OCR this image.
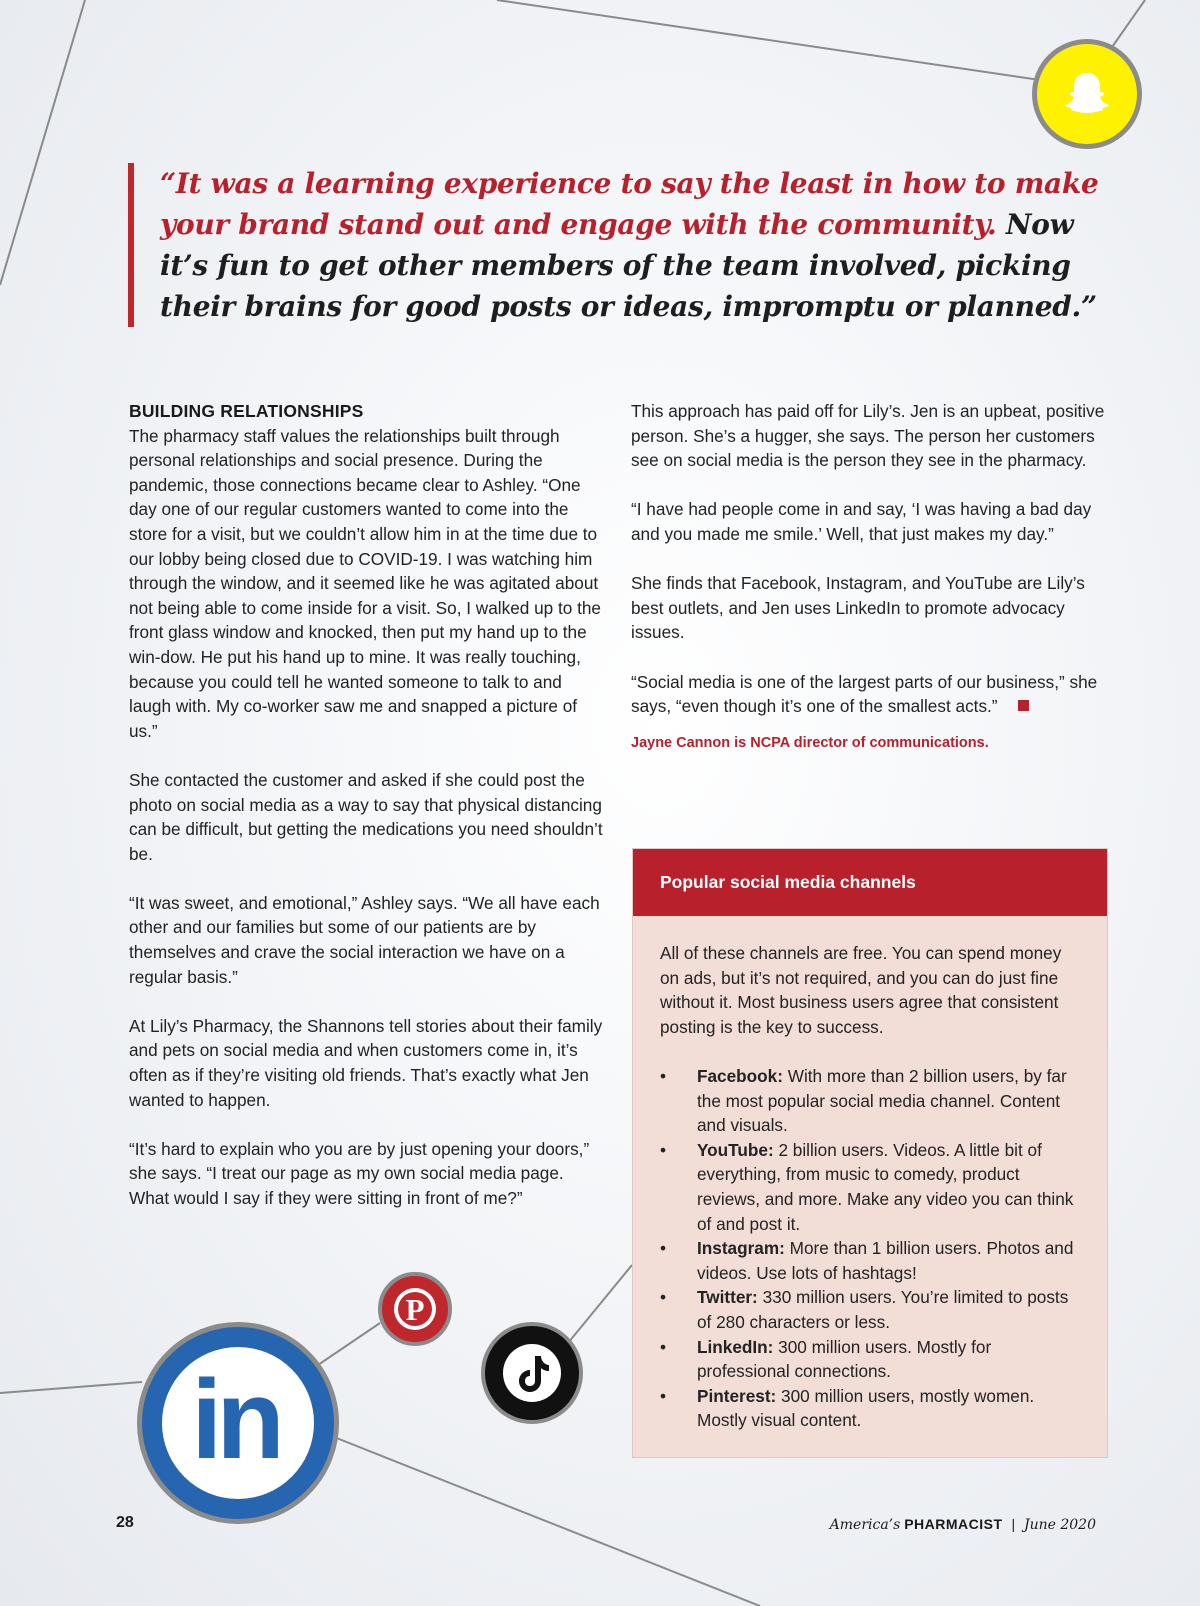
“It was a learning experience to say the least in how to make your brand stand out and engage with the community. Now it’s fun to get other members of the team involved, picking their brains for good posts or ideas, impromptu or planned.”
BUILDING RELATIONSHIPS

The pharmacy staff values the relationships built through personal relationships and social presence. During the pandemic, those connections became clear to Ashley. “One day one of our regular customers wanted to come into the store for a visit, but we couldn’t allow him in at the time due to our lobby being closed due to COVID-19. I was watching him through the window, and it seemed like he was agitated about not being able to come inside for a visit. So, I walked up to the front glass window and knocked, then put my hand up to the win-dow. He put his hand up to mine. It was really touching, because you could tell he wanted someone to talk to and laugh with. My co-worker saw me and snapped a picture of us.”

She contacted the customer and asked if she could post the photo on social media as a way to say that physical distancing can be difficult, but getting the medications you need shouldn’t be.

“It was sweet, and emotional,” Ashley says. “We all have each other and our families but some of our patients are by themselves and crave the social interaction we have on a regular basis.”

At Lily’s Pharmacy, the Shannons tell stories about their family and pets on social media and when customers come in, it’s often as if they’re visiting old friends. That’s exactly what Jen wanted to happen.

“It’s hard to explain who you are by just opening your doors,” she says. “I treat our page as my own social media page. What would I say if they were sitting in front of me?”

This approach has paid off for Lily’s. Jen is an upbeat, positive person. She’s a hugger, she says. The person her customers see on social media is the person they see in the pharmacy.

“I have had people come in and say, ‘I was having a bad day and you made me smile.’ Well, that just makes my day.”

She finds that Facebook, Instagram, and YouTube are Lily’s best outlets, and Jen uses LinkedIn to promote advocacy issues.

“Social media is one of the largest parts of our business,” she says, “even though it’s one of the smallest acts.”

Jayne Cannon is NCPA director of communications.
Popular social media channels

All of these channels are free. You can spend money on ads, but it’s not required, and you can do just fine without it. Most business users agree that consistent posting is the key to success.

• Facebook: With more than 2 billion users, by far the most popular social media channel. Content and visuals.
• YouTube: 2 billion users. Videos. A little bit of everything, from music to comedy, product reviews, and more. Make any video you can think of and post it.
• Instagram: More than 1 billion users. Photos and videos. Use lots of hashtags!
• Twitter: 330 million users. You’re limited to posts of 280 characters or less.
• LinkedIn: 300 million users. Mostly for professional connections.
• Pinterest: 300 million users, mostly women. Mostly visual content.
P
in
28	America’s PHARMACIST | June 2020
